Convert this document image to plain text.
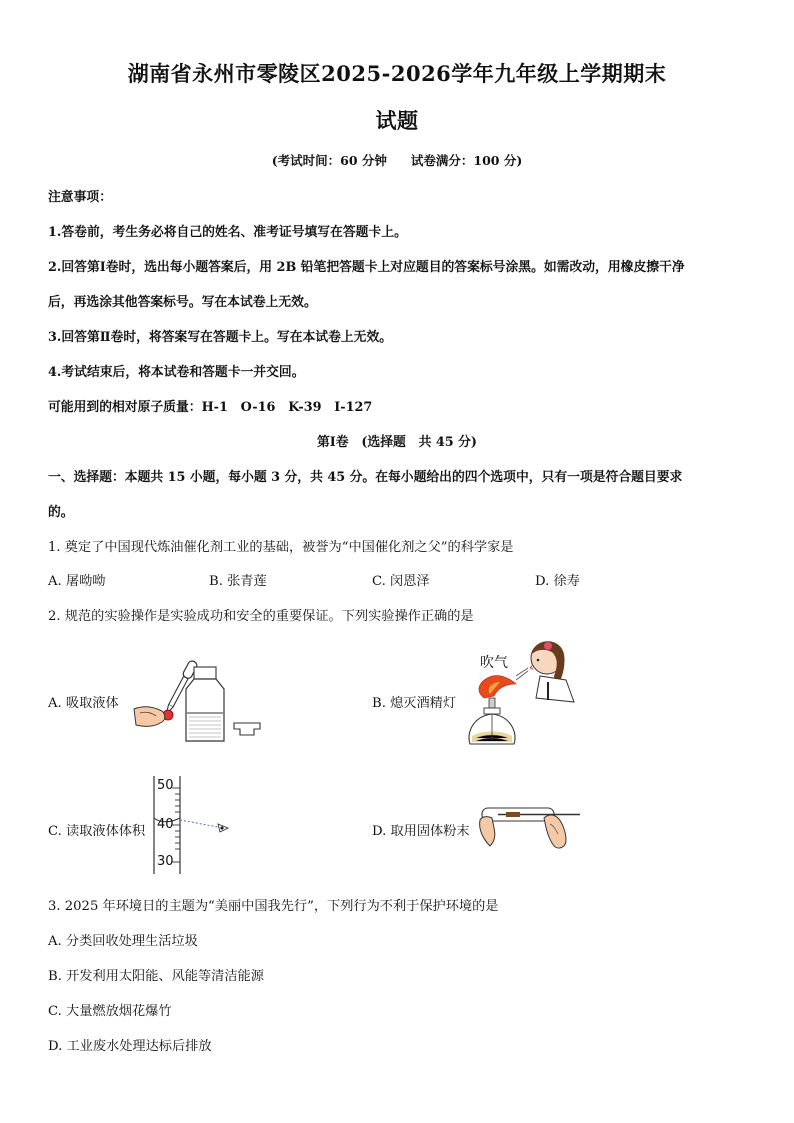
湖南省永州市零陵区2025-2026学年九年级上学期期末
试题
(考试时间：60 分钟 试卷满分：100 分)
注意事项：
1.答卷前，考生务必将自己的姓名、准考证号填写在答题卡上。
2.回答第Ⅰ卷时，选出每小题答案后，用 2B 铅笔把答题卡上对应题目的答案标号涂黑。如需改动，用橡皮擦干净
后，再选涂其他答案标号。写在本试卷上无效。
3.回答第Ⅱ卷时，将答案写在答题卡上。写在本试卷上无效。
4.考试结束后，将本试卷和答题卡一并交回。
可能用到的相对原子质量：H-1　O-16　K-39　I-127
第Ⅰ卷　(选择题　共 45 分)
一、选择题：本题共 15 小题，每小题 3 分，共 45 分。在每小题给出的四个选项中，只有一项是符合题目要求
的。
1. 奠定了中国现代炼油催化剂工业的基础，被誉为“中国催化剂之父”的科学家是
A. 屠呦呦	B. 张青莲	C. 闵恩泽	D. 徐寿
2. 规范的实验操作是实验成功和安全的重要保证。下列实验操作正确的是
A. 吸取液体	B. 熄灭酒精灯
吹气
C. 读取液体体积
50
40
30
D. 取用固体粉末
3. 2025 年环境日的主题为“美丽中国我先行”，下列行为不利于保护环境的是
A. 分类回收处理生活垃圾
B. 开发利用太阳能、风能等清洁能源
C. 大量燃放烟花爆竹
D. 工业废水处理达标后排放
